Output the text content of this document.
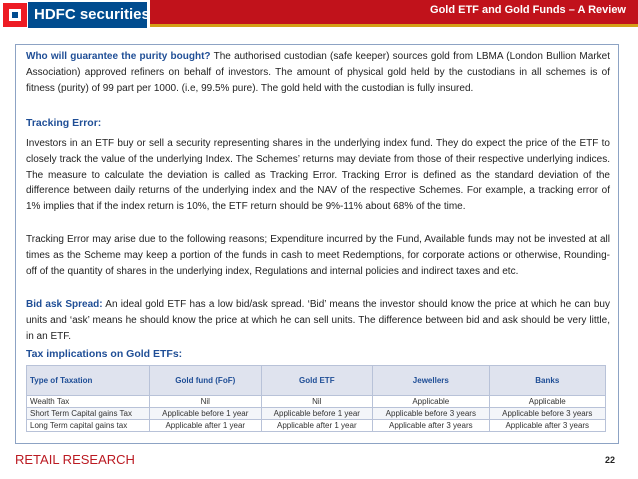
HDFC securities	Gold ETF and Gold Funds – A Review
Who will guarantee the purity bought? The authorised custodian (safe keeper) sources gold from LBMA (London Bullion Market Association) approved refiners on behalf of investors. The amount of physical gold held by the custodians in all schemes is of fitness (purity) of 99 part per 1000. (i.e, 99.5% pure). The gold held with the custodian is fully insured.
Tracking Error:
Investors in an ETF buy or sell a security representing shares in the underlying index fund. They do expect the price of the ETF to closely track the value of the underlying Index. The Schemes’ returns may deviate from those of their respective underlying indices. The measure to calculate the deviation is called as Tracking Error. Tracking Error is defined as the standard deviation of the difference between daily returns of the underlying index and the NAV of the respective Schemes. For example, a tracking error of 1% implies that if the index return is 10%, the ETF return should be 9%-11% about 68% of the time.
Tracking Error may arise due to the following reasons; Expenditure incurred by the Fund, Available funds may not be invested at all times as the Scheme may keep a portion of the funds in cash to meet Redemptions, for corporate actions or otherwise, Rounding-off of the quantity of shares in the underlying index, Regulations and internal policies and indirect taxes and etc.
Bid ask Spread: An ideal gold ETF has a low bid/ask spread. ‘Bid’ means the investor should know the price at which he can buy units and ‘ask’ means he should know the price at which he can sell units. The difference between bid and ask should be very little, in an ETF.
Tax implications on Gold ETFs:
Type of Taxation	Gold fund (FoF)	Gold ETF	Jewellers	Banks
Wealth Tax	Nil	Nil	Applicable	Applicable
Short Term Capital gains Tax	Applicable before 1 year	Applicable before 1 year	Applicable before 3 years	Applicable before 3 years
Long Term capital gains tax	Applicable after 1 year	Applicable after 1 year	Applicable after 3 years	Applicable after 3 years
RETAIL RESEARCH	22
